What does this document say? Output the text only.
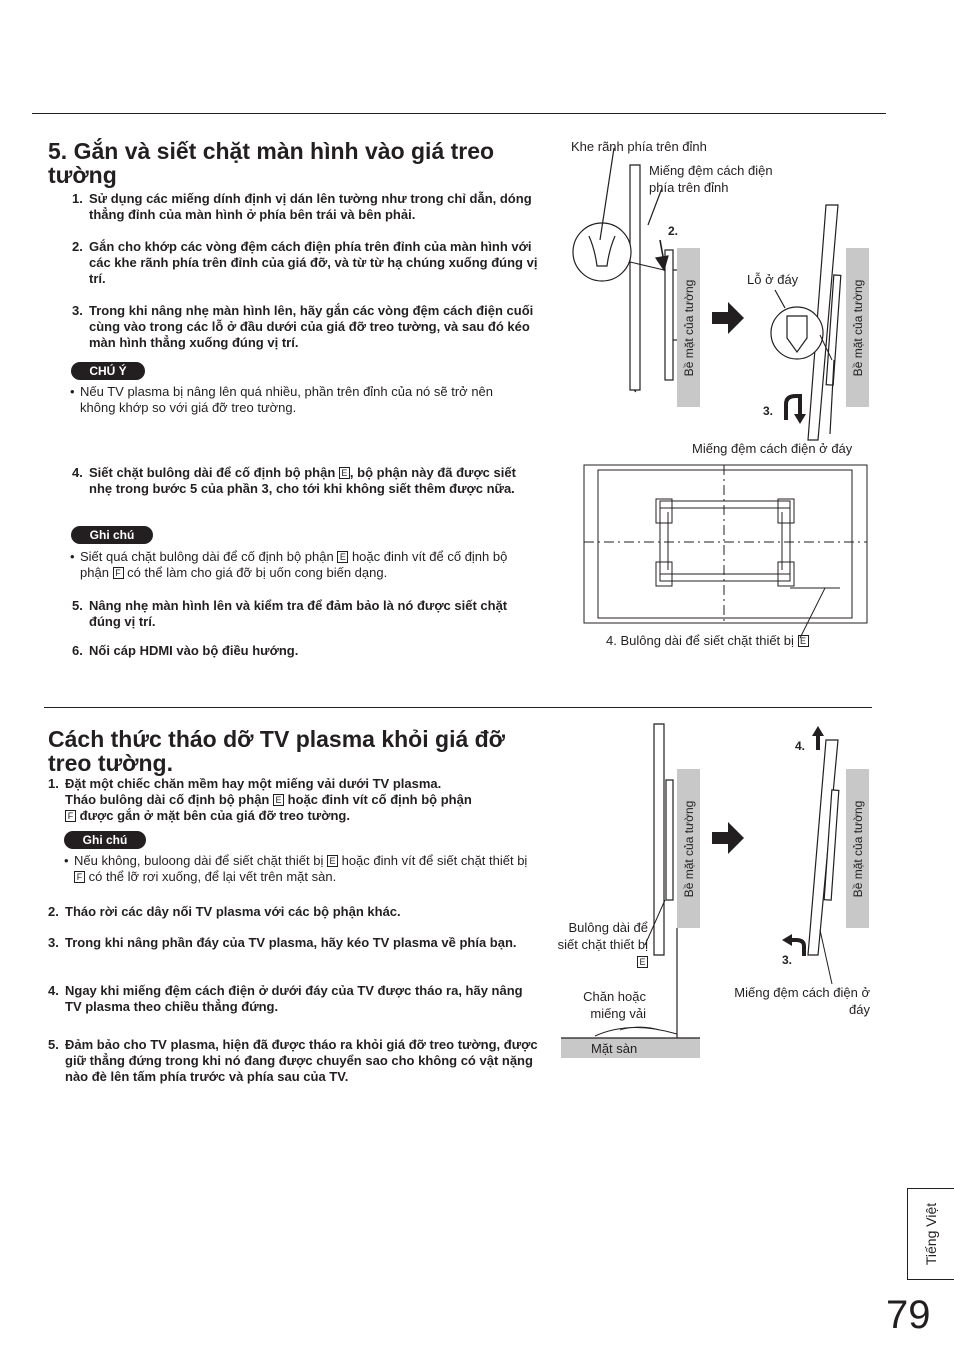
5. Gắn và siết chặt màn hình vào giá treo tường
1. Sử dụng các miếng dính định vị dán lên tường như trong chỉ dẫn, dóng thẳng đỉnh của màn hình ở phía bên trái và bên phải.
2. Gắn cho khớp các vòng đệm cách điện phía trên đỉnh của màn hình với các khe rãnh phía trên đỉnh của giá đỡ, và từ từ hạ chúng xuống đúng vị trí.
3. Trong khi nâng nhẹ màn hình lên, hãy gắn các vòng đệm cách điện cuối cùng vào trong các lỗ ở đầu dưới của giá đỡ treo tường, và sau đó kéo màn hình thẳng xuống đúng vị trí.
CHÚ Ý
• Nếu TV plasma bị nâng lên quá nhiều, phần trên đỉnh của nó sẽ trở nên không khớp so với giá đỡ treo tường.
4. Siết chặt bulông dài để cố định bộ phận E , bộ phận này đã được siết nhẹ trong bước 5 của phần 3, cho tới khi không siết thêm được nữa.
Ghi chú
• Siết quá chặt bulông dài để cố định bộ phận E hoặc đinh vít để cố định bộ phận F có thể làm cho giá đỡ bị uốn cong biến dạng.
5. Nâng nhẹ màn hình lên và kiểm tra để đảm bảo là nó được siết chặt đúng vị trí.
6. Nối cáp HDMI vào bộ điều hướng.
Khe rãnh phía trên đỉnh
Miếng đệm cách điện phía trên đỉnh
Lỗ ở đáy
Miếng đệm cách điện ở đáy
2.
3.
Bề mặt của tường	Bề mặt của tường
4. Bulông dài để siết chặt thiết bị E
Cách thức tháo dỡ TV plasma khỏi giá đỡ treo tường.
1. Đặt một chiếc chăn mềm hay một miếng vải dưới TV plasma.
Tháo bulông dài cố định bộ phận E hoặc đinh vít cố định bộ phận
F được gắn ở mặt bên của giá đỡ treo tường.
Ghi chú
• Nếu không, buloong dài để siết chặt thiết bị E hoặc đinh vít để siết chặt thiết bị F có thể lỡ rơi xuống, để lại vết trên mặt sàn.
2. Tháo rời các dây nối TV plasma với các bộ phận khác.
3. Trong khi nâng phần đáy của TV plasma, hãy kéo TV plasma về phía bạn.
4. Ngay khi miếng đệm cách điện ở dưới đáy của TV được tháo ra, hãy nâng TV plasma theo chiều thẳng đứng.
5. Đảm bảo cho TV plasma, hiện đã được tháo ra khỏi giá đỡ treo tường, được giữ thẳng đứng trong khi nó đang được chuyển sao cho không có vật nặng nào đè lên tấm phía trước và phía sau của TV.
Bề mặt của tường	Bề mặt của tường
4.
3.
Bulông dài để siết chặt thiết bị E
Chăn hoặc miếng vải
Mặt sàn
Miếng đệm cách điện ở đáy
Tiếng Việt
79
